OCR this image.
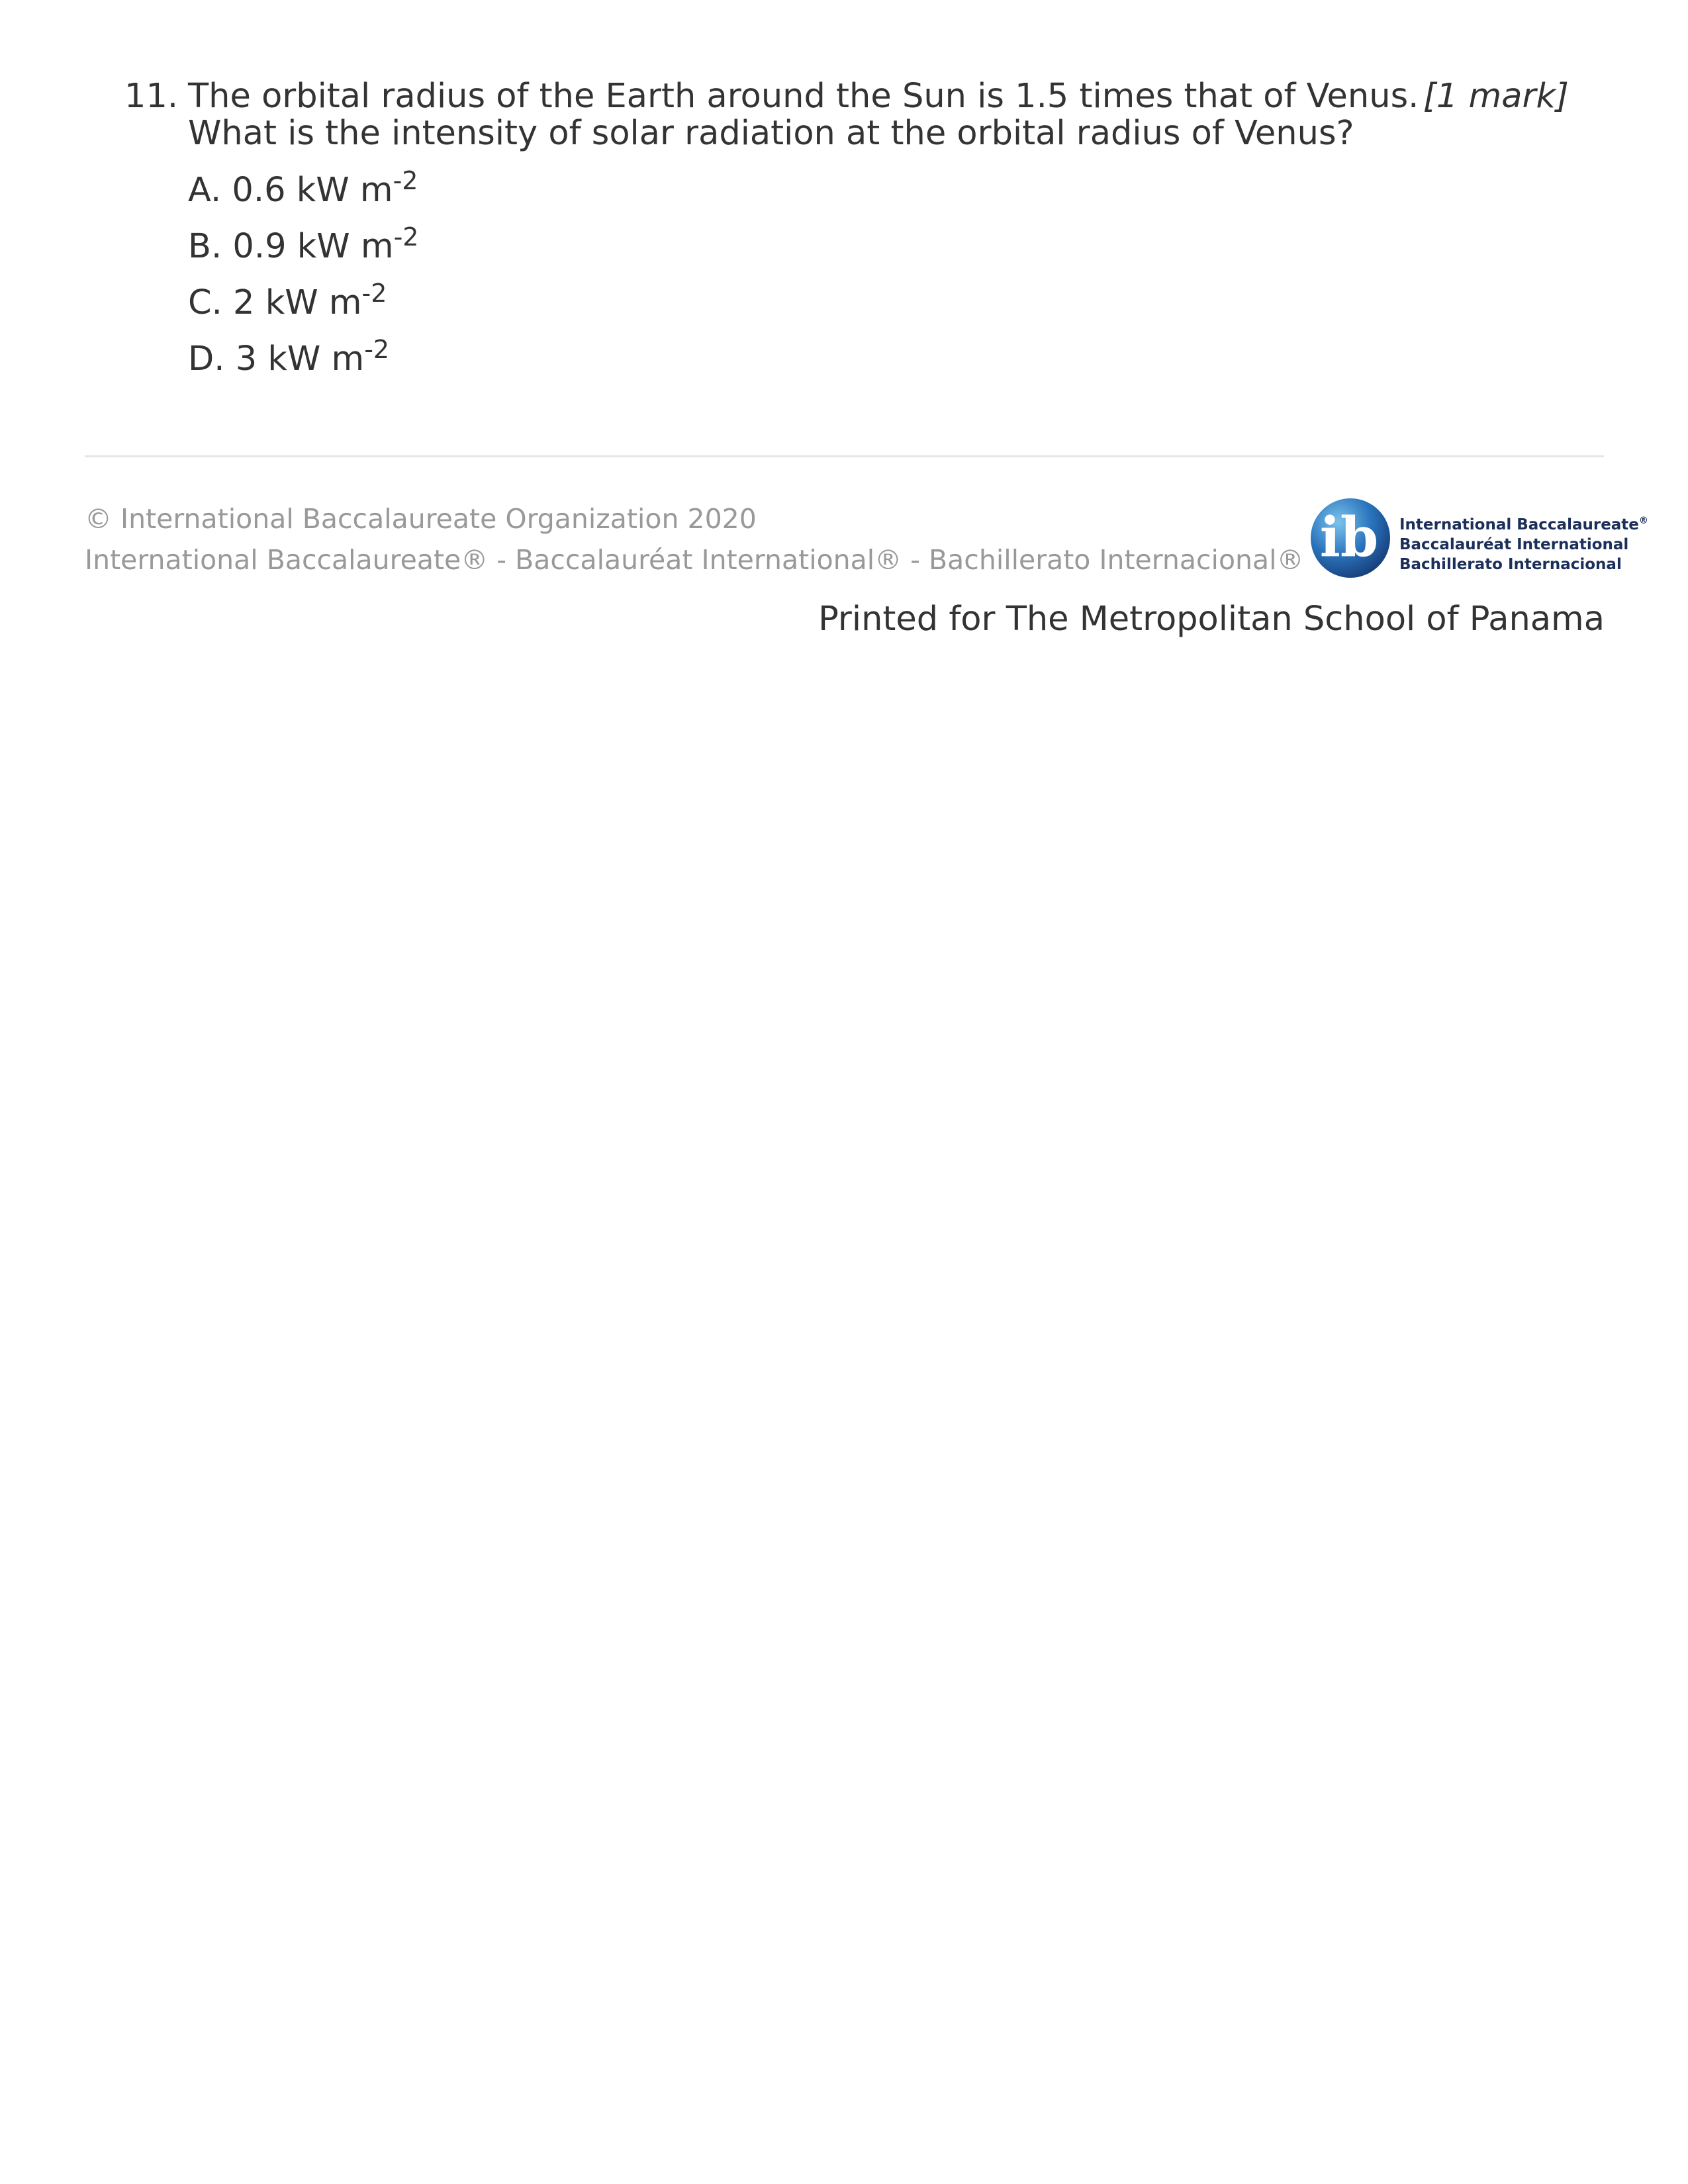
11. The orbital radius of the Earth around the Sun is 1.5 times that of Venus.
What is the intensity of solar radiation at the orbital radius of Venus?
[1 mark]
A. 0.6 kW $m^{-2}$
B. 0.9 kW $m^{-2}$
C. 2 kW $m^{-2}$
D. 3 kW $m^{-2}$
© International Baccalaureate Organization 2020
International Baccalaureate® - Baccalauréat International® - Bachillerato Internacional® ib International Baccalaureate®
Baccalauréat International
Bachillerato Internacional
Printed for The Metropolitan School of Panama
